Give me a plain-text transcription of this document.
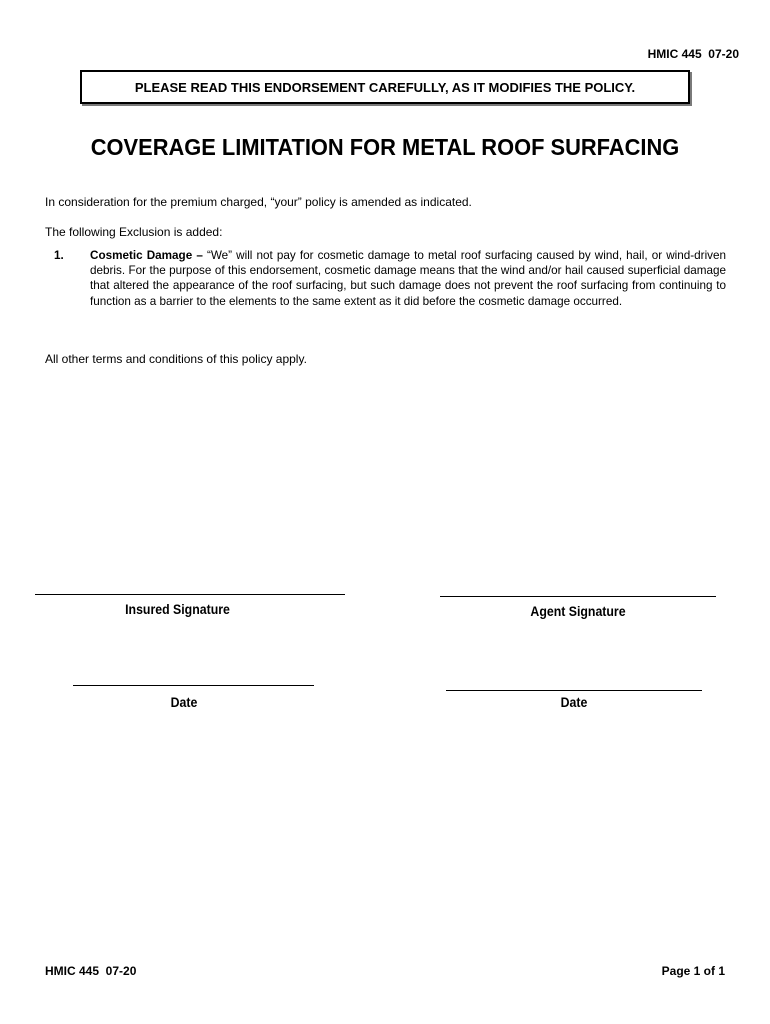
HMIC 445  07-20
PLEASE READ THIS ENDORSEMENT CAREFULLY, AS IT MODIFIES THE POLICY.
COVERAGE LIMITATION FOR METAL ROOF SURFACING
In consideration for the premium charged, “your” policy is amended as indicated.
The following Exclusion is added:
1. Cosmetic Damage – “We” will not pay for cosmetic damage to metal roof surfacing caused by wind, hail, or wind-driven debris. For the purpose of this endorsement, cosmetic damage means that the wind and/or hail caused superficial damage that altered the appearance of the roof surfacing, but such damage does not prevent the roof surfacing from continuing to function as a barrier to the elements to the same extent as it did before the cosmetic damage occurred.
All other terms and conditions of this policy apply.
Insured Signature	Agent Signature
Date	Date
HMIC 445  07-20	Page 1 of 1
